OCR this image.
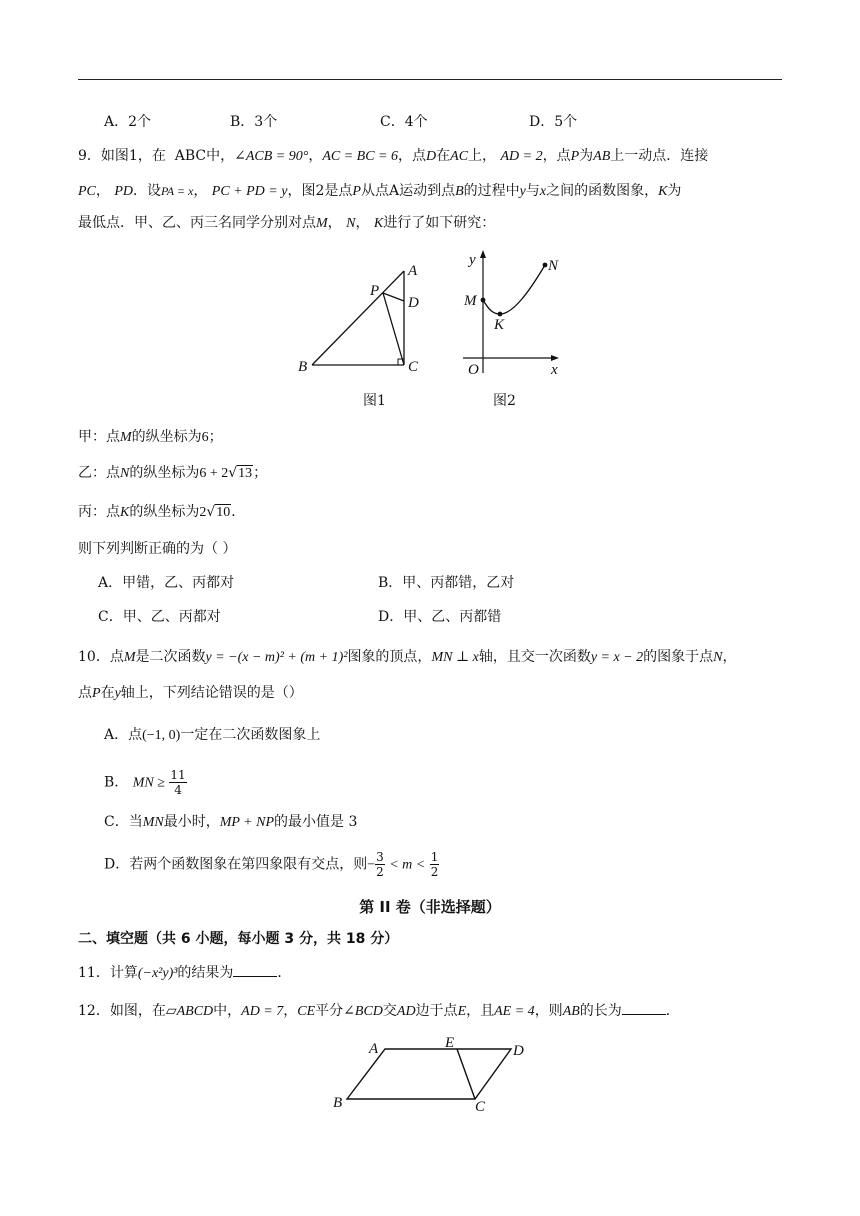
A．2个	B．3个	C．4个	D．5个
9．如图1，在 ABC中，∠ACB = 90°，AC = BC = 6，点D在AC上， AD = 2，点P为AB上一动点．连接
PC， PD．设PA = x， PC + PD = y，图2是点P从点A运动到点B的过程中y与x之间的函数图象，K为
最低点．甲、乙、丙三名同学分别对点M， N， K进行了如下研究：
A
P
D
B	C
图1
y
x
O
M
K
N
图2
甲：点M的纵坐标为6；
乙：点N的纵坐标为6 + 2√13；
丙：点K的纵坐标为2√10．
则下列判断正确的为（ ）
A．甲错，乙、丙都对	B．甲、丙都错，乙对
C．甲、乙、丙都对	D．甲、乙、丙都错
10．点M是二次函数y = −(x − m)² + (m + 1)²图象的顶点，MN ⊥ x轴，且交一次函数y = x − 2的图象于点N，
点P在y轴上，下列结论错误的是（）
A．点(−1, 0)一定在二次函数图象上
B． MN ≥ $\frac{11}{4}$
C．当MN最小时，MP + NP的最小值是 3
D．若两个函数图象在第四象限有交点，则− $\frac{3}{2} < m < \frac{1}{2}$
第 II 卷（非选择题）
二、填空题（共 6 小题，每小题 3 分，共 18 分）
11．计算(−x²y)³的结果为	．
12．如图，在▱ABCD中，AD = 7，CE平分∠BCD交AD边于点E，且AE = 4，则AB的长为	．
A	E	D
B	C
